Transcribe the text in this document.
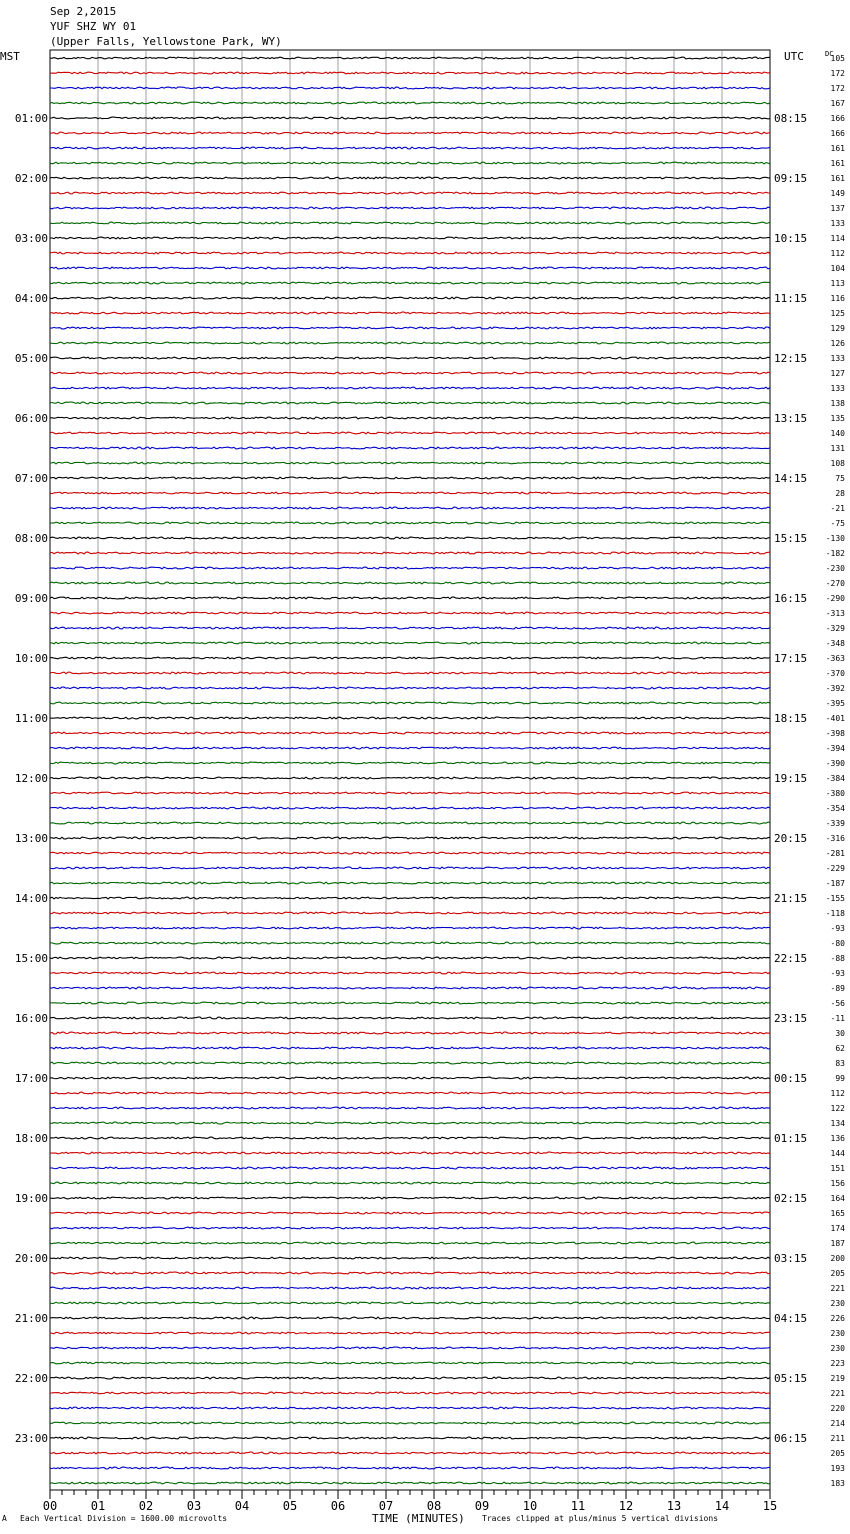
Sep 2,2015
YUF SHZ WY 01
(Upper Falls, Yellowstone Park, WY)
105
172
172
167
166
166
161
161
161
149
137
133
114
112
104
113
116
125
129
126
133
127
133
138
135
140
131
108
75
28
-21
-75
-130
-182
-230
-270
-290
-313
-329
-348
-363
-370
-392
-395
-401
-398
-394
-390
-384
-380
-354
-339
-316
-281
-229
-187
-155
-118
-93
-80
-88
-93
-89
-56
-11
30
62
83
99
112
122
134
136
144
151
156
164
165
174
187
200
205
221
230
226
230
230
223
219
221
220
214
211
205
193
183
01:00
02:00
03:00
04:00
05:00
06:00
07:00
08:00
09:00
10:00
11:00
12:00
13:00
14:00
15:00
16:00
17:00
18:00
19:00
20:00
21:00
22:00
23:00
08:15
09:15
10:15
11:15
12:15
13:15
14:15
15:15
16:15
17:15
18:15
19:15
20:15
21:15
22:15
23:15
00:15
01:15
02:15
03:15
04:15
05:15
06:15
MST	UTC	DC
00	01	02	03	04	05	06	07	08	09	10	11	12	13	14	15
A Each Vertical Division = 1600.00 microvolts	TIME (MINUTES) Traces clipped at plus/minus 5 vertical divisions
